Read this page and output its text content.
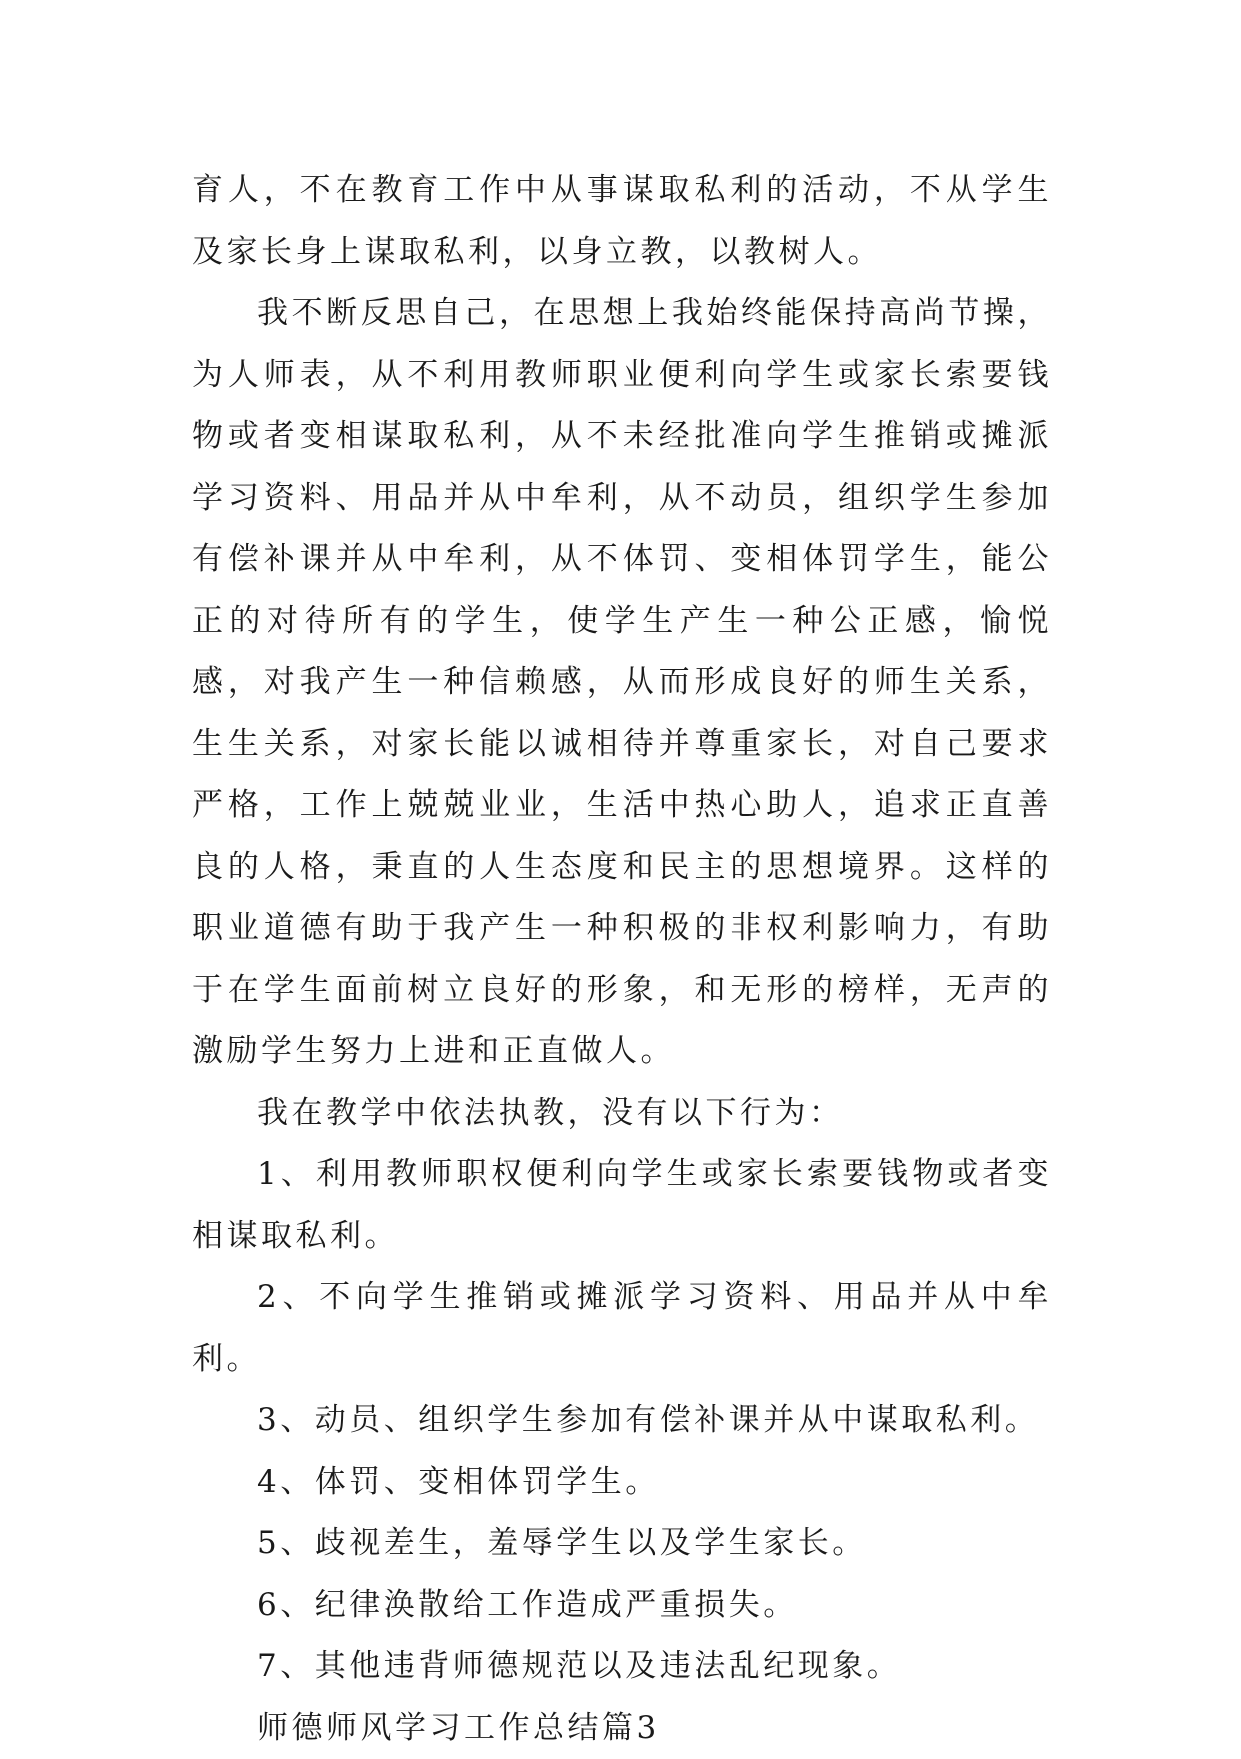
育人，不在教育工作中从事谋取私利的活动，不从学生及家长身上谋取私利，以身立教，以教树人。

我不断反思自己，在思想上我始终能保持高尚节操，为人师表，从不利用教师职业便利向学生或家长索要钱物或者变相谋取私利，从不未经批准向学生推销或摊派学习资料、用品并从中牟利，从不动员，组织学生参加有偿补课并从中牟利，从不体罚、变相体罚学生，能公正的对待所有的学生，使学生产生一种公正感，愉悦感，对我产生一种信赖感，从而形成良好的师生关系，生生关系，对家长能以诚相待并尊重家长，对自己要求严格，工作上兢兢业业，生活中热心助人，追求正直善良的人格，秉直的人生态度和民主的思想境界。这样的职业道德有助于我产生一种积极的非权利影响力，有助于在学生面前树立良好的形象，和无形的榜样，无声的激励学生努力上进和正直做人。

我在教学中依法执教，没有以下行为：

1、利用教师职权便利向学生或家长索要钱物或者变相谋取私利。

2、不向学生推销或摊派学习资料、用品并从中牟利。

3、动员、组织学生参加有偿补课并从中谋取私利。

4、体罚、变相体罚学生。

5、歧视差生，羞辱学生以及学生家长。

6、纪律涣散给工作造成严重损失。

7、其他违背师德规范以及违法乱纪现象。

师德师风学习工作总结篇3
